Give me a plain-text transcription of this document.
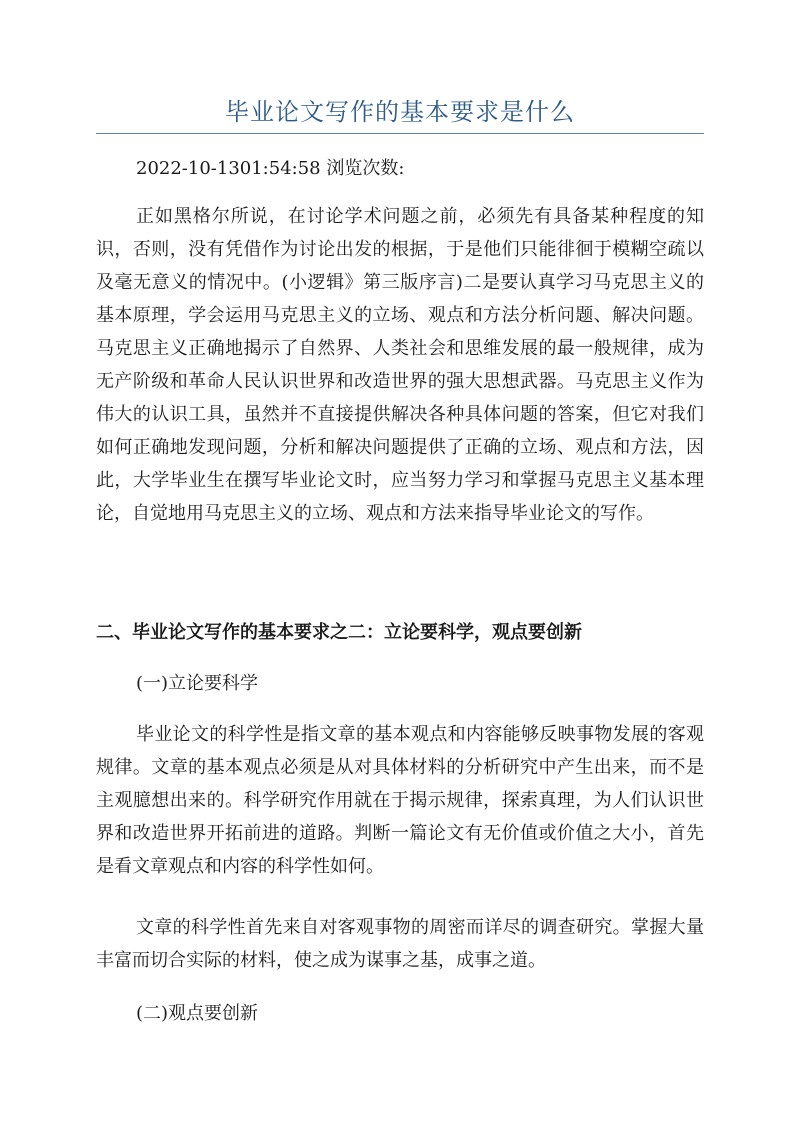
毕业论文写作的基本要求是什么

2022-10-1301:54:58 浏览次数:

正如黑格尔所说，在讨论学术问题之前，必须先有具备某种程度的知识，否则，没有凭借作为讨论出发的根据，于是他们只能徘徊于模糊空疏以及毫无意义的情况中。(小逻辑》第三版序言)二是要认真学习马克思主义的基本原理，学会运用马克思主义的立场、观点和方法分析问题、解决问题。马克思主义正确地揭示了自然界、人类社会和思维发展的最一般规律，成为无产阶级和革命人民认识世界和改造世界的强大思想武器。马克思主义作为伟大的认识工具，虽然并不直接提供解决各种具体问题的答案，但它对我们如何正确地发现问题，分析和解决问题提供了正确的立场、观点和方法，因此，大学毕业生在撰写毕业论文时，应当努力学习和掌握马克思主义基本理论，自觉地用马克思主义的立场、观点和方法来指导毕业论文的写作。

二、毕业论文写作的基本要求之二：立论要科学，观点要创新

(一)立论要科学

毕业论文的科学性是指文章的基本观点和内容能够反映事物发展的客观规律。文章的基本观点必须是从对具体材料的分析研究中产生出来，而不是主观臆想出来的。科学研究作用就在于揭示规律，探索真理，为人们认识世界和改造世界开拓前进的道路。判断一篇论文有无价值或价值之大小，首先是看文章观点和内容的科学性如何。

文章的科学性首先来自对客观事物的周密而详尽的调查研究。掌握大量丰富而切合实际的材料，使之成为谋事之基，成事之道。

(二)观点要创新
